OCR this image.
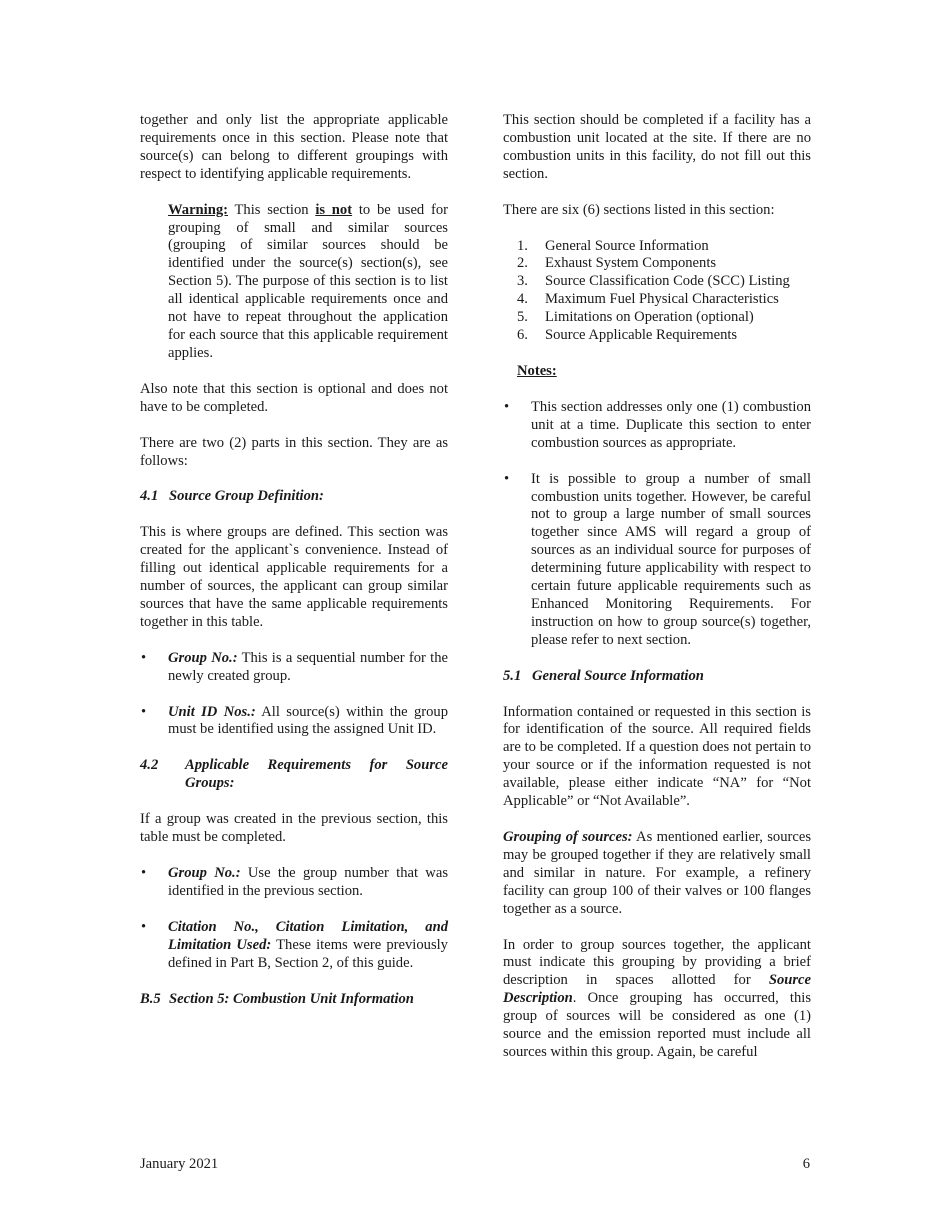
together and only list the appropriate applicable requirements once in this section. Please note that source(s) can belong to different groupings with respect to identifying applicable requirements.

Warning: This section is not to be used for grouping of small and similar sources (grouping of similar sources should be identified under the source(s) section(s), see Section 5). The purpose of this section is to list all identical applicable requirements once and not have to repeat throughout the application for each source that this applicable requirement applies.

Also note that this section is optional and does not have to be completed.

There are two (2) parts in this section. They are as follows:

4.1 Source Group Definition:

This is where groups are defined. This section was created for the applicant`s convenience. Instead of filling out identical applicable requirements for a number of sources, the applicant can group similar sources that have the same applicable requirements together in this table.

• Group No.: This is a sequential number for the newly created group.
• Unit ID Nos.: All source(s) within the group must be identified using the assigned Unit ID.
4.2	Applicable Requirements for Source Groups:

If a group was created in the previous section, this table must be completed.

• Group No.: Use the group number that was identified in the previous section.
• Citation No., Citation Limitation, and Limitation Used: These items were previously defined in Part B, Section 2, of this guide.
B.5 Section 5: Combustion Unit Information

This section should be completed if a facility has a combustion unit located at the site. If there are no combustion units in this facility, do not fill out this section.

There are six (6) sections listed in this section:

1. General Source Information
2. Exhaust System Components
3. Source Classification Code (SCC) Listing
4. Maximum Fuel Physical Characteristics
5. Limitations on Operation (optional)
6. Source Applicable Requirements
Notes:
• This section addresses only one (1) combustion unit at a time. Duplicate this section to enter combustion sources as appropriate.
• It is possible to group a number of small combustion units together. However, be careful not to group a large number of small sources together since AMS will regard a group of sources as an individual source for purposes of determining future applicability with respect to certain future applicable requirements such as Enhanced Monitoring Requirements. For instruction on how to group source(s) together, please refer to next section.
5.1 General Source Information

Information contained or requested in this section is for identification of the source. All required fields are to be completed. If a question does not pertain to your source or if the information requested is not available, please either indicate “NA” for “Not Applicable” or “Not Available”.

Grouping of sources: As mentioned earlier, sources may be grouped together if they are relatively small and similar in nature. For example, a refinery facility can group 100 of their valves or 100 flanges together as a source.

In order to group sources together, the applicant must indicate this grouping by providing a brief description in spaces allotted for Source Description. Once grouping has occurred, this group of sources will be considered as one (1) source and the emission reported must include all sources within this group. Again, be careful

January 2021	6
